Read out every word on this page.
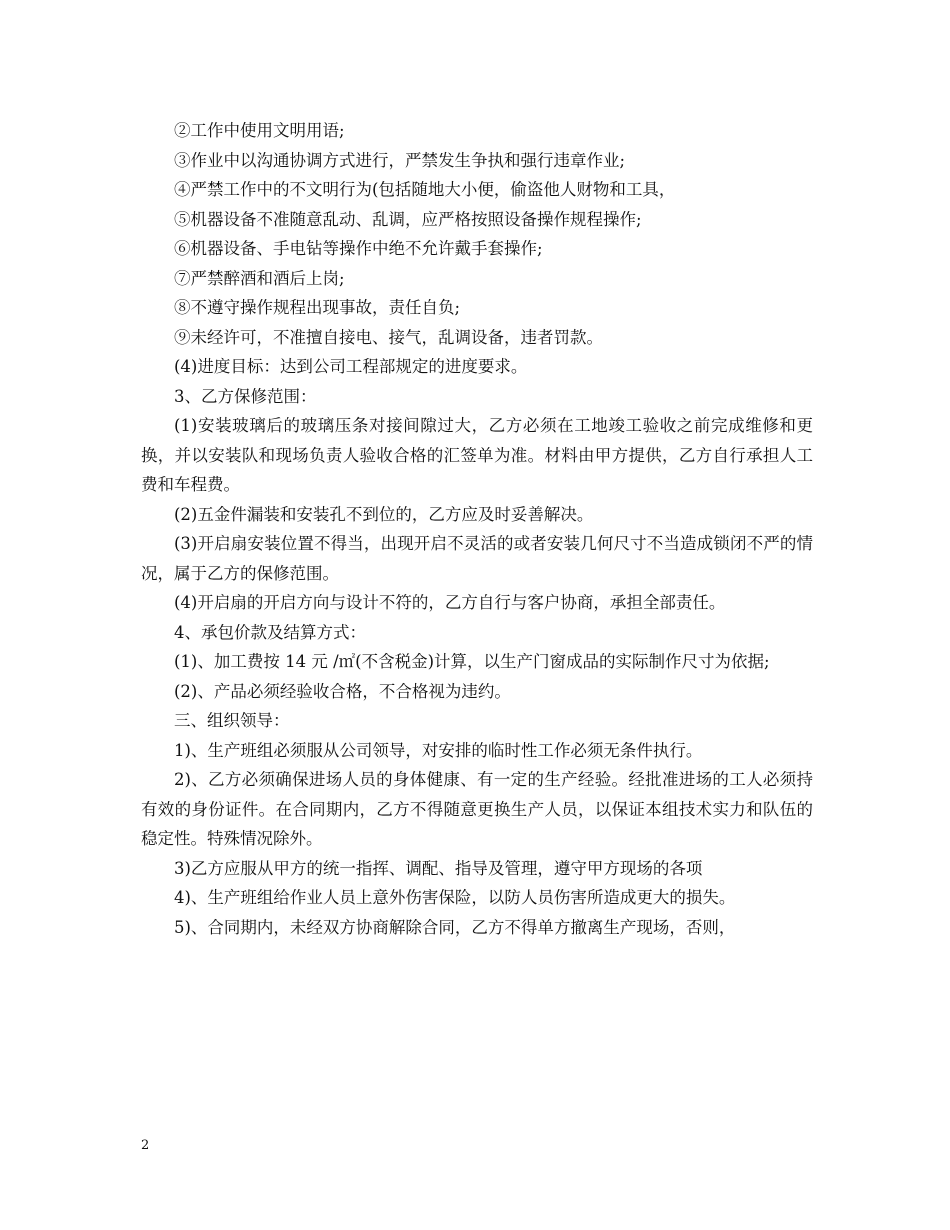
②工作中使用文明用语;

③作业中以沟通协调方式进行，严禁发生争执和强行违章作业;

④严禁工作中的不文明行为(包括随地大小便，偷盗他人财物和工具，

⑤机器设备不准随意乱动、乱调，应严格按照设备操作规程操作;

⑥机器设备、手电钻等操作中绝不允许戴手套操作;

⑦严禁醉酒和酒后上岗;

⑧不遵守操作规程出现事故，责任自负;

⑨未经许可，不准擅自接电、接气，乱调设备，违者罚款。

(4)进度目标：达到公司工程部规定的进度要求。

3、乙方保修范围：

(1)安装玻璃后的玻璃压条对接间隙过大，乙方必须在工地竣工验收之前完成维修和更换，并以安装队和现场负责人验收合格的汇签单为准。材料由甲方提供，乙方自行承担人工费和车程费。

(2)五金件漏装和安装孔不到位的，乙方应及时妥善解决。

(3)开启扇安装位置不得当，出现开启不灵活的或者安装几何尺寸不当造成锁闭不严的情况，属于乙方的保修范围。

(4)开启扇的开启方向与设计不符的，乙方自行与客户协商，承担全部责任。

4、承包价款及结算方式：

(1)、加工费按 14 元 /㎡(不含税金)计算，以生产门窗成品的实际制作尺寸为依据;

(2)、产品必须经验收合格，不合格视为违约。

三、组织领导：

1)、生产班组必须服从公司领导，对安排的临时性工作必须无条件执行。

2)、乙方必须确保进场人员的身体健康、有一定的生产经验。经批准进场的工人必须持有效的身份证件。在合同期内，乙方不得随意更换生产人员，以保证本组技术实力和队伍的稳定性。特殊情况除外。

3)乙方应服从甲方的统一指挥、调配、指导及管理，遵守甲方现场的各项

4)、生产班组给作业人员上意外伤害保险，以防人员伤害所造成更大的损失。

5)、合同期内，未经双方协商解除合同，乙方不得单方撤离生产现场，否则，

2
